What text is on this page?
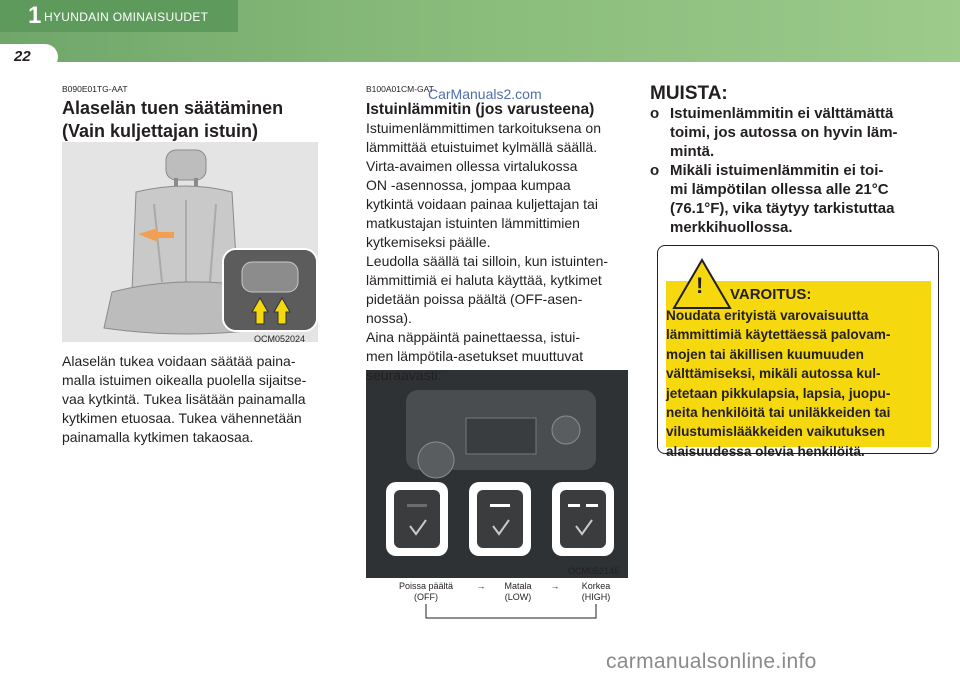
1 HYUNDAIN OMINAISUUDET
22
B090E01TG-AAT
Alaselän tuen säätäminen
(Vain kuljettajan istuin)
OCM052024
Alaselän tukea voidaan säätää paina-
malla istuimen oikealla puolella sijaitse-
vaa kytkintä. Tukea lisätään painamalla
kytkimen etuosaa. Tukea vähennetään
painamalla kytkimen takaosaa.
B100A01CM-GAT
Istuinlämmitin (jos varusteena)
CarManuals2.com
Istuimenlämmittimen tarkoituksena on
lämmittää etuistuimet kylmällä säällä.
Virta-avaimen ollessa virtalukossa
ON -asennossa, jompaa kumpaa
kytkintä voidaan painaa kuljettajan tai
matkustajan istuinten lämmittimien
kytkemiseksi päälle.
Leudolla säällä tai silloin, kun istuinten-
lämmittimiä ei haluta käyttää, kytkimet
pidetään poissa päältä (OFF-asen-
nossa).
Aina näppäintä painettaessa, istui-
men lämpötila-asetukset muuttuvat
OCM052145
Poissa päältä
(OFF)
→	Matala
(LOW)
→	Korkea
(HIGH)
MUISTA:
o Istuimenlämmitin ei välttämättä
toimi, jos autossa on hyvin läm-
mintä.
o Mikäli istuimenlämmitin ei toi-
mi lämpötilan ollessa alle 21°C
(76.1°F), vika täytyy tarkistuttaa
merkkihuollossa.
! VAROITUS:
Noudata erityistä varovaisuutta
lämmittimiä käytettäessä palovam-
mojen tai äkillisen kuumuuden
välttämiseksi, mikäli autossa kul-
jetetaan pikkulapsia, lapsia, juopu-
neita henkilöitä tai uniläkkeiden tai
vilustumislääkkeiden vaikutuksen
alaisuudessa olevia henkilöitä.
carmanualsonline.info
seuraavasti:
